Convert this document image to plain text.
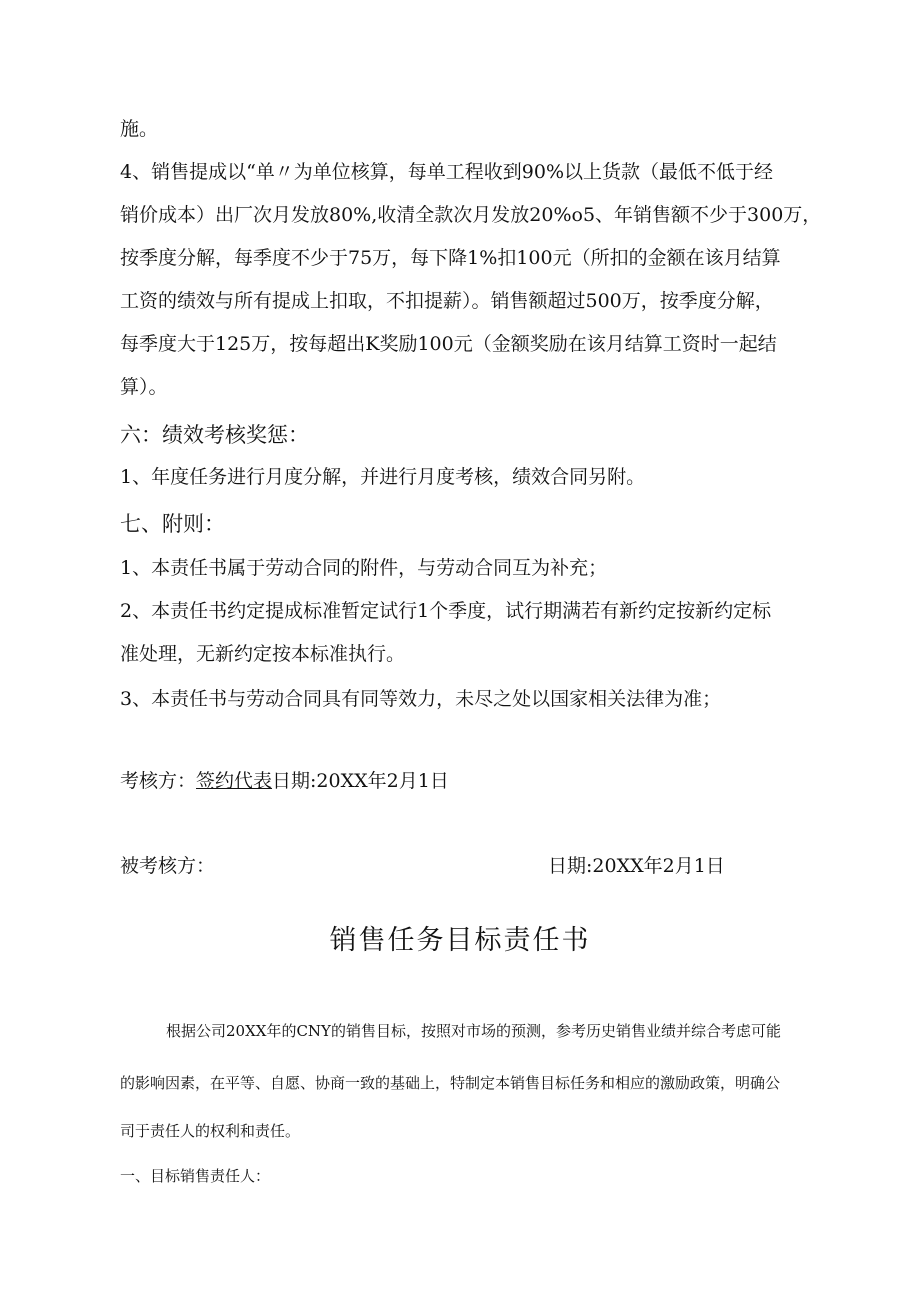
施。
4、销售提成以“单〃为单位核算，每单工程收到90%以上货款（最低不低于经
销价成本）出厂次月发放80%,收清全款次月发放20%o5、年销售额不少于300万，
按季度分解，每季度不少于75万，每下降1%扣100元（所扣的金额在该月结算
工资的绩效与所有提成上扣取，不扣提薪）。销售额超过500万，按季度分解，
每季度大于125万，按每超出K奖励100元（金额奖励在该月结算工资时一起结
算）。
六：绩效考核奖惩：
1、年度任务进行月度分解，并进行月度考核，绩效合同另附。
七、附则：
1、本责任书属于劳动合同的附件，与劳动合同互为补充；
2、本责任书约定提成标准暂定试行1个季度，试行期满若有新约定按新约定标
准处理，无新约定按本标准执行。
3、本责任书与劳动合同具有同等效力，未尽之处以国家相关法律为准；
考核方：签约代表日期:20XX年2月1日
被考核方：	日期:20XX年2月1日
销售任务目标责任书
根据公司20XX年的CNY的销售目标，按照对市场的预测，参考历史销售业绩并综合考虑可能
的影响因素，在平等、自愿、协商一致的基础上，特制定本销售目标任务和相应的激励政策，明确公
司于责任人的权利和责任。
一、目标销售责任人：
